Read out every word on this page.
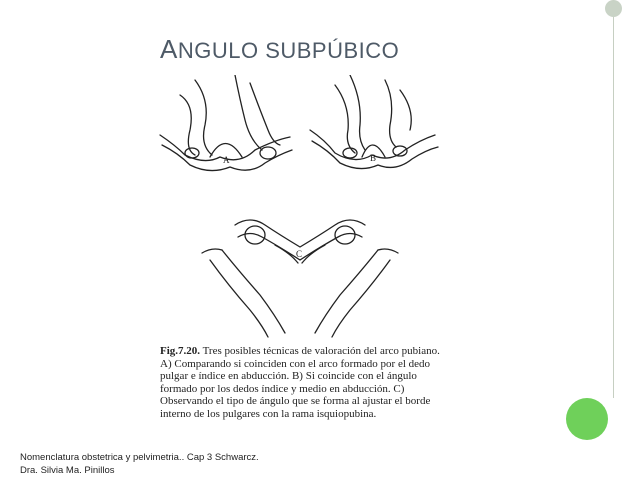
ANGULO SUBPÚBICO
A	B
C

Fig.7.20. Tres posibles técnicas de valoración del arco pubiano. A) Comparando si coinciden con el arco formado por el dedo pulgar e índice en abducción. B) Si coincide con el ángulo formado por los dedos índice y medio en abducción. C) Observando el tipo de ángulo que se forma al ajustar el borde interno de los pulgares con la rama isquiopubina.

Nomenclatura obstetrica y pelvimetria.. Cap 3 Schwarcz.
Dra. Silvia Ma. Pinillos
